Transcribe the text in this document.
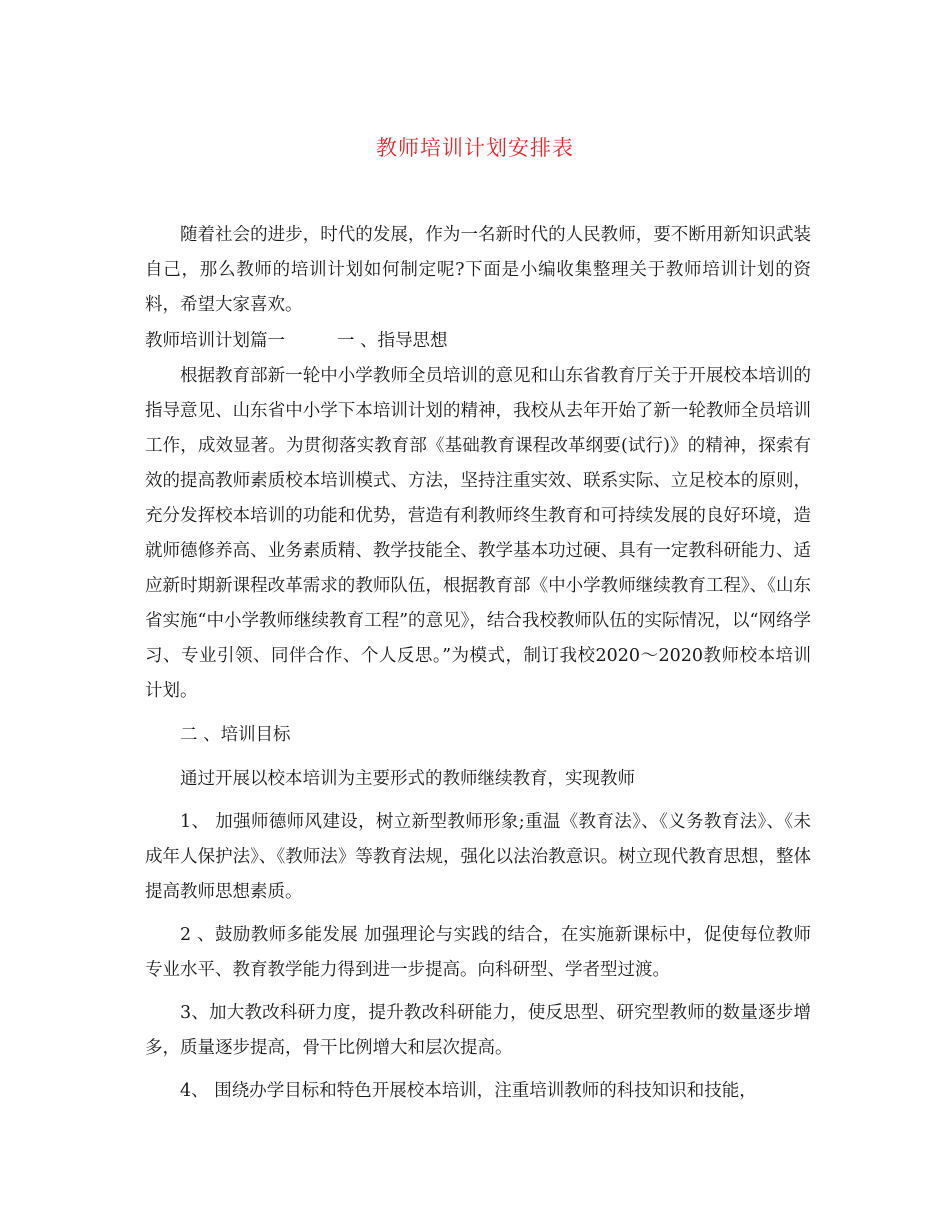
教师培训计划安排表

随着社会的进步，时代的发展，作为一名新时代的人民教师，要不断用新知识武装自己，那么教师的培训计划如何制定呢?下面是小编收集整理关于教师培训计划的资料，希望大家喜欢。

教师培训计划篇一	一 、指导思想

根据教育部新一轮中小学教师全员培训的意见和山东省教育厅关于开展校本培训的指导意见、山东省中小学下本培训计划的精神，我校从去年开始了新一轮教师全员培训工作，成效显著。为贯彻落实教育部《基础教育课程改革纲要(试行)》的精神，探索有效的提高教师素质校本培训模式、方法，坚持注重实效、联系实际、立足校本的原则，充分发挥校本培训的功能和优势，营造有利教师终生教育和可持续发展的良好环境，造就师德修养高、业务素质精、教学技能全、教学基本功过硬、具有一定教科研能力、适应新时期新课程改革需求的教师队伍，根据教育部《中小学教师继续教育工程》、《山东省实施“中小学教师继续教育工程”的意见》，结合我校教师队伍的实际情况，以“网络学习、专业引领、同伴合作、个人反思。”为模式，制订我校2020～2020教师校本培训计划。

二 、培训目标

通过开展以校本培训为主要形式的教师继续教育，实现教师

1、 加强师德师风建设，树立新型教师形象;重温《教育法》、《义务教育法》、《未成年人保护法》、《教师法》等教育法规，强化以法治教意识。树立现代教育思想，整体提高教师思想素质。

2 、鼓励教师多能发展 加强理论与实践的结合，在实施新课标中，促使每位教师专业水平、教育教学能力得到进一步提高。向科研型、学者型过渡。

3、加大教改科研力度，提升教改科研能力，使反思型、研究型教师的数量逐步增多，质量逐步提高，骨干比例增大和层次提高。

4、 围绕办学目标和特色开展校本培训，注重培训教师的科技知识和技能，
